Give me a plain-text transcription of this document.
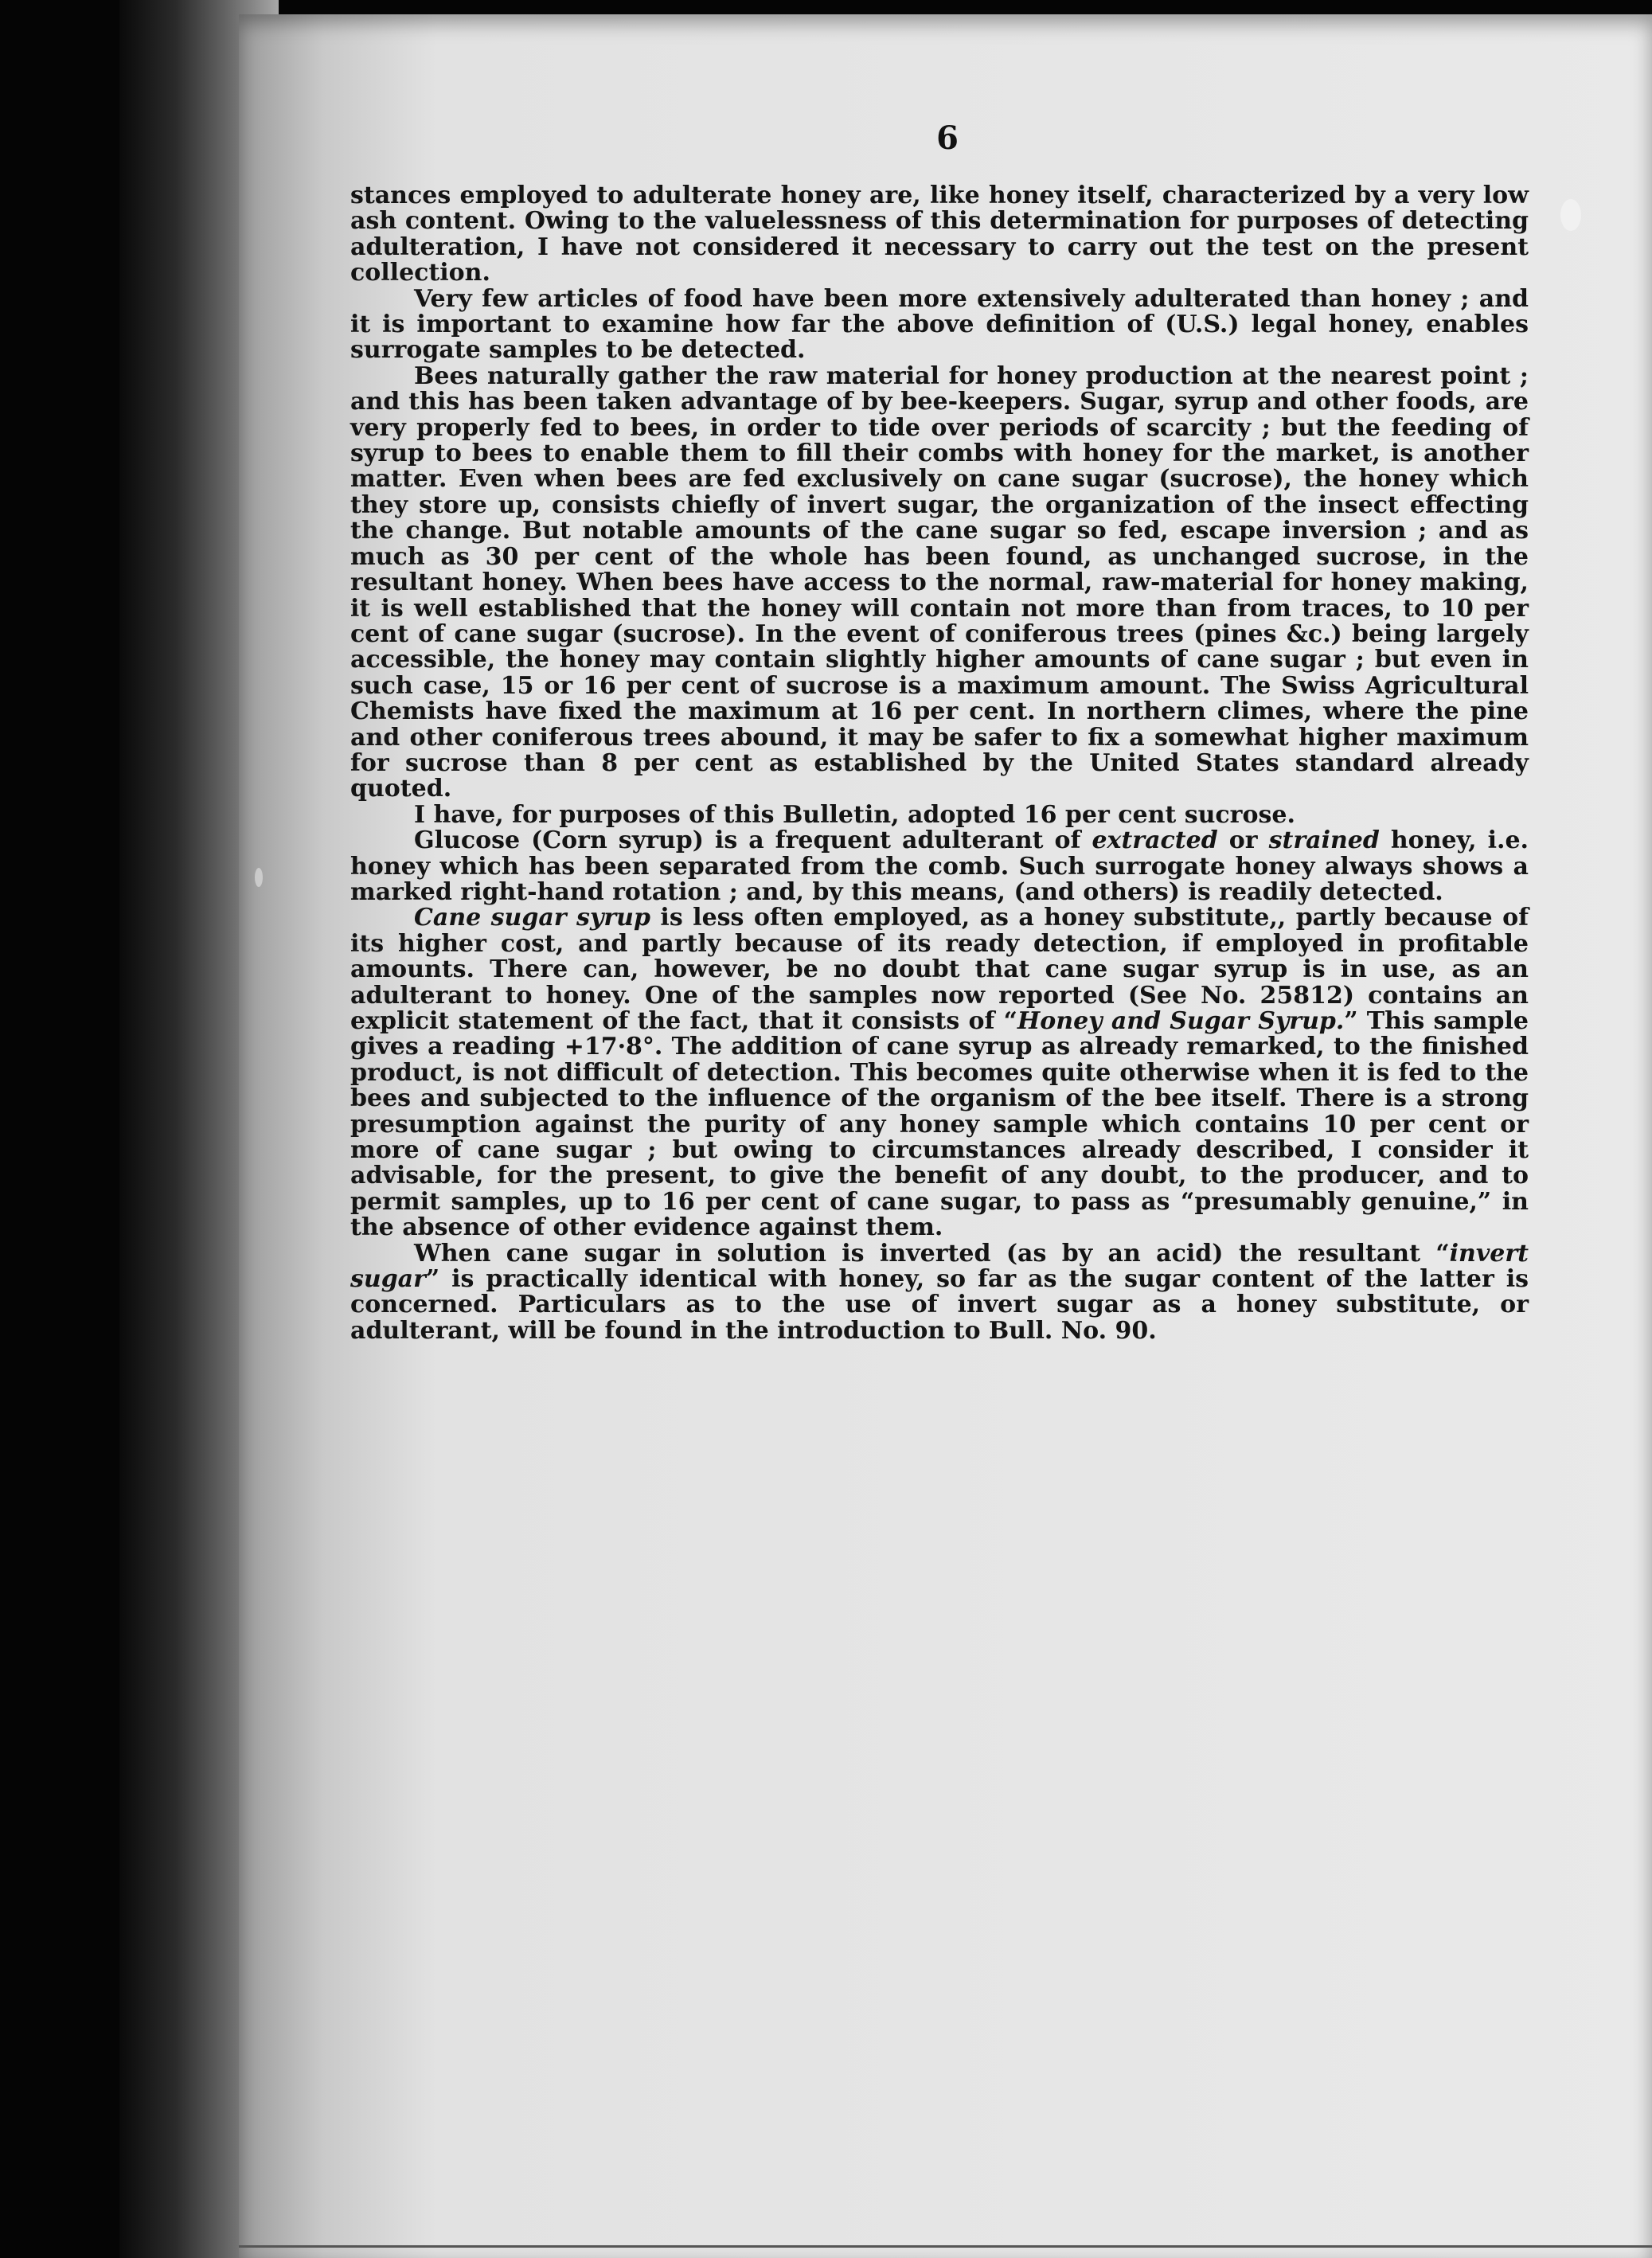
6

stances employed to adulterate honey are, like honey itself, characterized by a very low ash content. Owing to the valuelessness of this determination for purposes of detecting adulteration, I have not considered it necessary to carry out the test on the present collection.

Very few articles of food have been more extensively adulterated than honey ; and it is important to examine how far the above definition of (U.S.) legal honey, enables surrogate samples to be detected.

Bees naturally gather the raw material for honey production at the nearest point ; and this has been taken advantage of by bee-keepers. Sugar, syrup and other foods, are very properly fed to bees, in order to tide over periods of scarcity ; but the feeding of syrup to bees to enable them to fill their combs with honey for the market, is another matter. Even when bees are fed exclusively on cane sugar (sucrose), the honey which they store up, consists chiefly of invert sugar, the organization of the insect effecting the change. But notable amounts of the cane sugar so fed, escape inversion ; and as much as 30 per cent of the whole has been found, as unchanged sucrose, in the resultant honey. When bees have access to the normal, raw-material for honey making, it is well established that the honey will contain not more than from traces, to 10 per cent of cane sugar (sucrose). In the event of coniferous trees (pines &c.) being largely accessible, the honey may contain slightly higher amounts of cane sugar ; but even in such case, 15 or 16 per cent of sucrose is a maximum amount. The Swiss Agricultural Chemists have fixed the maximum at 16 per cent. In northern climes, where the pine and other coniferous trees abound, it may be safer to fix a somewhat higher maximum for sucrose than 8 per cent as established by the United States standard already quoted.

I have, for purposes of this Bulletin, adopted 16 per cent sucrose.

Glucose (Corn syrup) is a frequent adulterant of extracted or strained honey, i.e. honey which has been separated from the comb. Such surrogate honey always shows a marked right-hand rotation ; and, by this means, (and others) is readily detected.

Cane sugar syrup is less often employed, as a honey substitute,, partly because of its higher cost, and partly because of its ready detection, if employed in profitable amounts. There can, however, be no doubt that cane sugar syrup is in use, as an adulterant to honey. One of the samples now reported (See No. 25812) contains an explicit statement of the fact, that it consists of “Honey and Sugar Syrup.” This sample gives a reading +17·8°. The addition of cane syrup as already remarked, to the finished product, is not difficult of detection. This becomes quite otherwise when it is fed to the bees and subjected to the influence of the organism of the bee itself. There is a strong presumption against the purity of any honey sample which contains 10 per cent or more of cane sugar ; but owing to circumstances already described, I consider it advisable, for the present, to give the benefit of any doubt, to the producer, and to permit samples, up to 16 per cent of cane sugar, to pass as “presumably genuine,” in the absence of other evidence against them.

When cane sugar in solution is inverted (as by an acid) the resultant “invert sugar” is practically identical with honey, so far as the sugar content of the latter is concerned. Particulars as to the use of invert sugar as a honey substitute, or adulterant, will be found in the introduction to Bull. No. 90.
